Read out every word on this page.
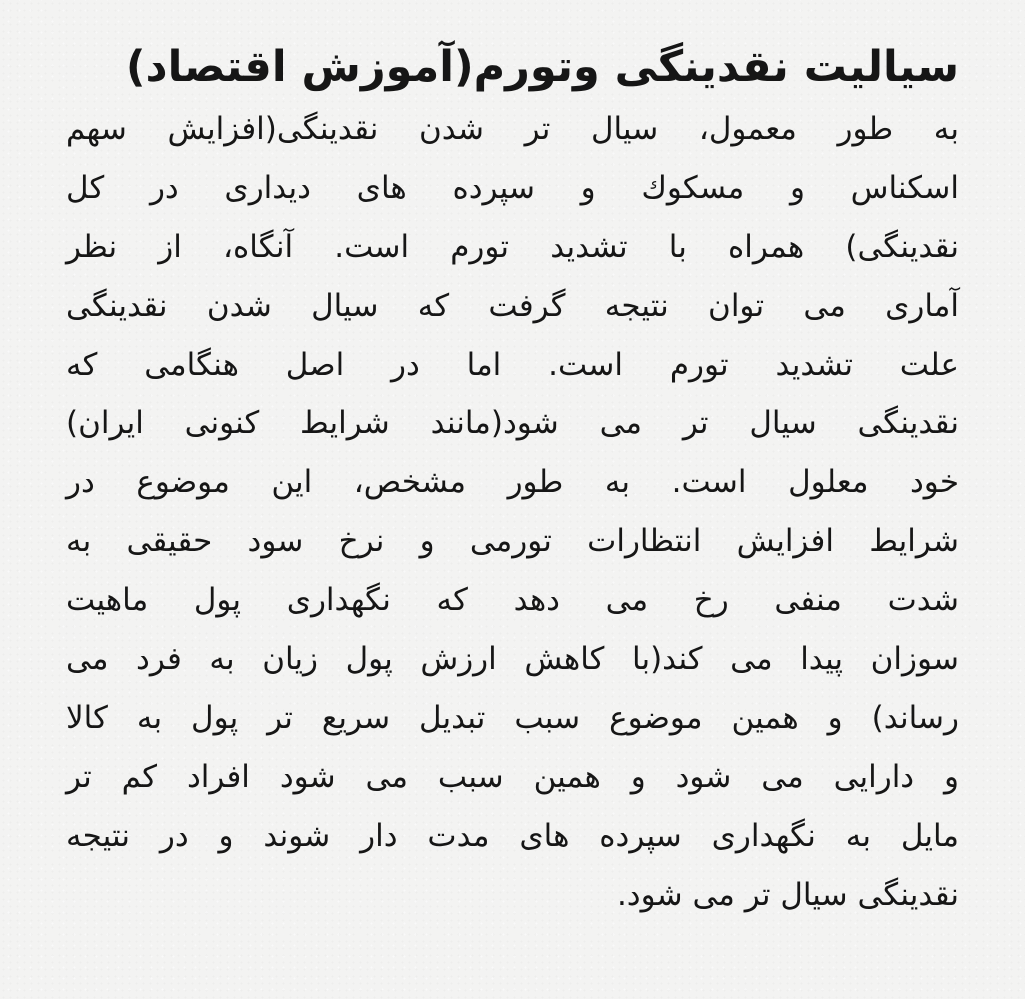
سیالیت نقدینگی وتورم(آموزش اقتصاد)
به طور معمول، سیال تر شدن نقدینگی(افزایش سهم
اسکناس و مسکوك و سپرده های دیداری در کل
نقدینگی) همراه با تشدید تورم است. آنگاه، از نظر
آماری می توان نتیجه گرفت که سیال شدن نقدینگی
علت تشدید تورم است. اما در اصل هنگامی که
نقدینگی سیال تر می شود(مانند شرایط کنونی ایران)
خود معلول است. به طور مشخص، این موضوع در
شرایط افزایش انتظارات تورمی و نرخ سود حقیقی به
شدت منفی رخ می دهد که نگهداری پول ماهیت
سوزان پیدا می کند(با کاهش ارزش پول زیان به فرد می
رساند) و همین موضوع سبب تبدیل سریع تر پول به کالا
و دارایی می شود و همین سبب می شود افراد کم تر
مایل به نگهداری سپرده های مدت دار شوند و در نتیجه
نقدینگی سیال تر می شود.
